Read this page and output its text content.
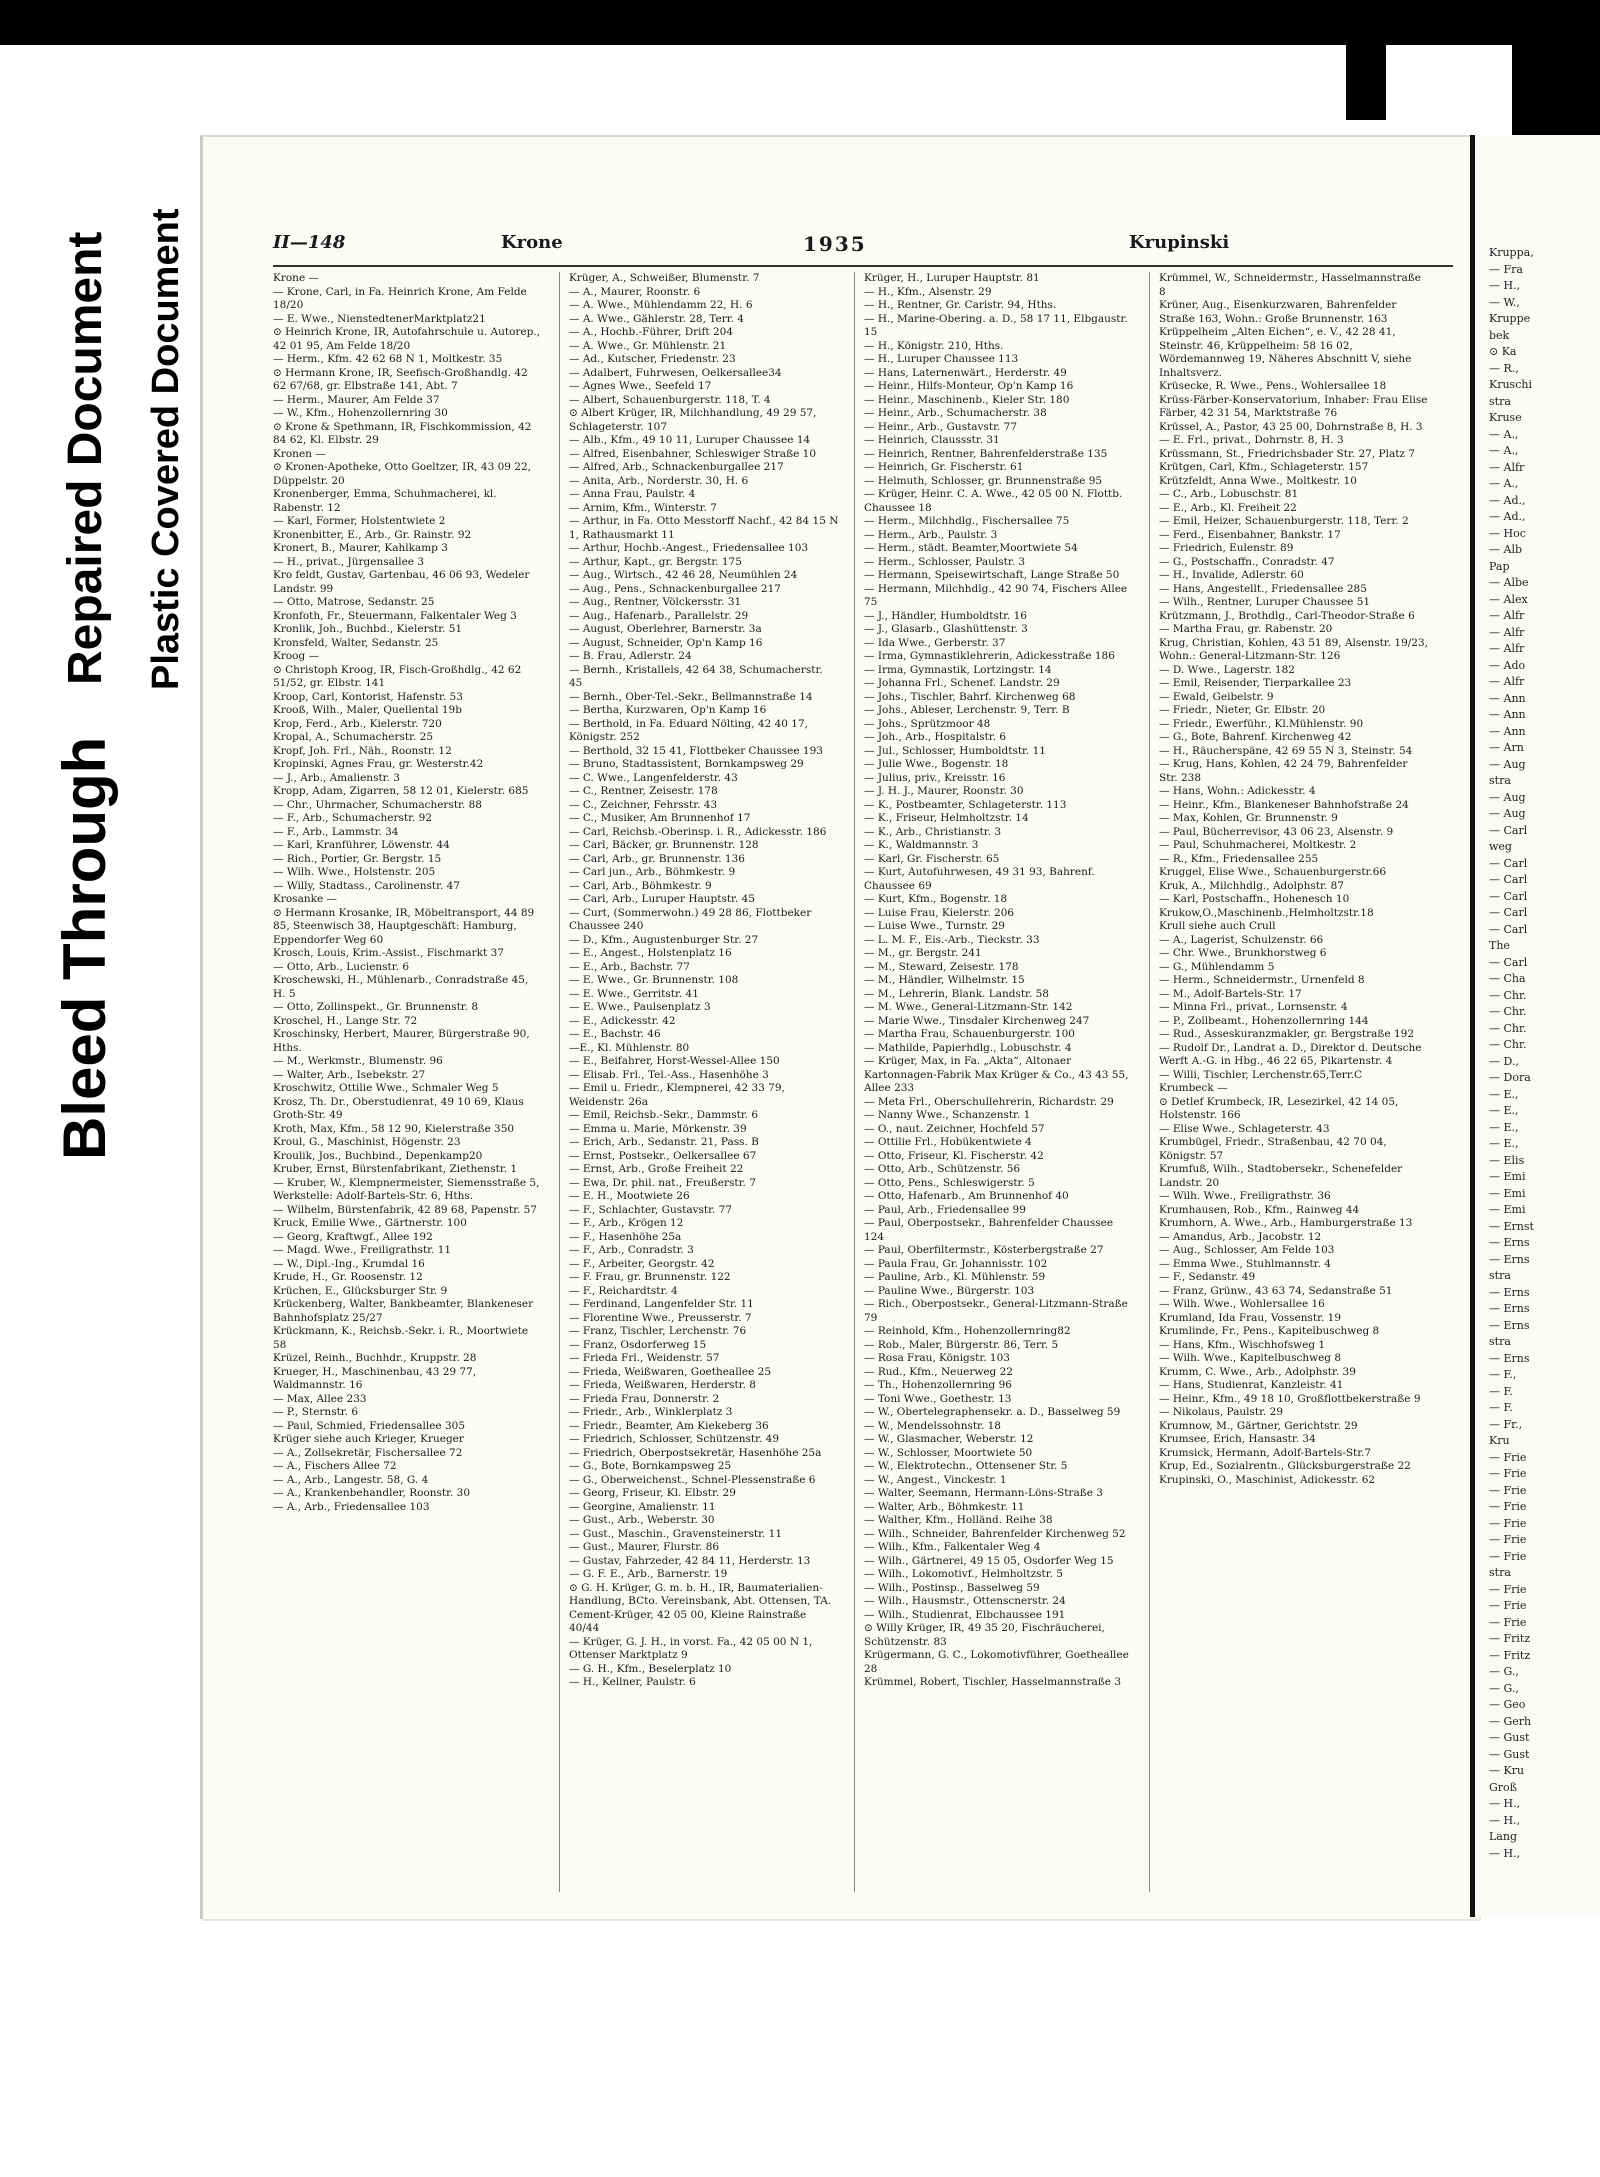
Bleed Through
Repaired Document Plastic Covered Document	II—148	Krone	1935	Krupinski

Krone —

— Krone, Carl, in Fa. Heinrich Krone, Am Felde 18/20

— E. Wwe., NienstedtenerMarktplatz21

⊙ Heinrich Krone, IR, Autofahrschule u. Autorep., 42 01 95, Am Felde 18/20

— Herm., Kfm. 42 62 68 N 1, Moltkestr. 35

⊙ Hermann Krone, IR, Seefisch-Großhandlg. 42 62 67/68, gr. Elbstraße 141, Abt. 7

— Herm., Maurer, Am Felde 37

— W., Kfm., Hohenzollernring 30

⊙ Krone & Spethmann, IR, Fischkommission, 42 84 62, Kl. Elbstr. 29

Kronen —

⊙ Kronen-Apotheke, Otto Goeltzer, IR, 43 09 22, Düppelstr. 20

Kronenberger, Emma, Schuhmacherei, kl. Rabenstr. 12

— Karl, Former, Holstentwiete 2

Kronenbitter, E., Arb., Gr. Rainstr. 92

Kronert, B., Maurer, Kahlkamp 3

— H., privat., Jürgensallee 3

Kro feldt, Gustav, Gartenbau, 46 06 93, Wedeler Landstr. 99

— Otto, Matrose, Sedanstr. 25

Kronfoth, Fr., Steuermann, Falkentaler Weg 3

Kronlik, Joh., Buchbd., Kielerstr. 51

Kronsfeld, Walter, Sedanstr. 25

Kroog —

⊙ Christoph Kroog, IR, Fisch-Großhdlg., 42 62 51/52, gr. Elbstr. 141

Kroop, Carl, Kontorist, Hafenstr. 53

Krooß, Wilh., Maler, Quellental 19b

Krop, Ferd., Arb., Kielerstr. 720

Kropal, A., Schumacherstr. 25

Kropf, Joh. Frl., Näh., Roonstr. 12

Kropinski, Agnes Frau, gr. Westerstr.42

— J., Arb., Amalienstr. 3

Kropp, Adam, Zigarren, 58 12 01, Kielerstr. 685

— Chr., Uhrmacher, Schumacherstr. 88

— F., Arb., Schumacherstr. 92

— F., Arb., Lammstr. 34

— Karl, Kranführer, Löwenstr. 44

— Rich., Portier, Gr. Bergstr. 15

— Wilh. Wwe., Holstenstr. 205

— Willy, Stadtass., Carolinenstr. 47

Krosanke —

⊙ Hermann Krosanke, IR, Möbeltransport, 44 89 85, Steenwisch 38, Hauptgeschäft: Hamburg, Eppendorfer Weg 60

Krosch, Louis, Krim.-Assist., Fischmarkt 37

— Otto, Arb., Lucienstr. 6

Kroschewski, H., Mühlenarb., Conradstraße 45, H. 5

— Otto, Zollinspekt., Gr. Brunnenstr. 8

Kroschel, H., Lange Str. 72

Kroschinsky, Herbert, Maurer, Bürgerstraße 90, Hths.

— M., Werkmstr., Blumenstr. 96

— Walter, Arb., Isebekstr. 27

Kroschwitz, Ottilie Wwe., Schmaler Weg 5

Krosz, Th. Dr., Oberstudienrat, 49 10 69, Klaus Groth-Str. 49

Kroth, Max, Kfm., 58 12 90, Kielerstraße 350

Kroul, G., Maschinist, Högenstr. 23

Kroulik, Jos., Buchbind., Depenkamp20

Kruber, Ernst, Bürstenfabrikant, Ziethenstr. 1

— Kruber, W., Klempnermeister, Siemensstraße 5, Werkstelle: Adolf-Bartels-Str. 6, Hths.

— Wilhelm, Bürstenfabrik, 42 89 68, Papenstr. 57

Kruck, Emilie Wwe., Gärtnerstr. 100

— Georg, Kraftwgf., Allee 192

— Magd. Wwe., Freiligrathstr. 11

— W., Dipl.-Ing., Krumdal 16

Krude, H., Gr. Roosenstr. 12

Krüchen, E., Glücksburger Str. 9

Krückenberg, Walter, Bankbeamter, Blankeneser Bahnhofsplatz 25/27

Krückmann, K., Reichsb.-Sekr. i. R., Moortwiete 58

Krüzel, Reinh., Buchhdr., Kruppstr. 28

Krueger, H., Maschinenbau, 43 29 77, Waldmannstr. 16

— Max, Allee 233

— P., Sternstr. 6

— Paul, Schmied, Friedensallee 305

Krüger siehe auch Krieger, Krueger

— A., Zollsekretär, Fischersallee 72

— A., Fischers Allee 72

— A., Arb., Langestr. 58, G. 4

— A., Krankenbehandler, Roonstr. 30

— A., Arb., Friedensallee 103

Krüger, A., Schweißer, Blumenstr. 7

— A., Maurer, Roonstr. 6

— A. Wwe., Mühlendamm 22, H. 6

— A. Wwe., Gählerstr. 28, Terr. 4

— A., Hochb.-Führer, Drift 204

— A. Wwe., Gr. Mühlenstr. 21

— Ad., Kutscher, Friedenstr. 23

— Adalbert, Fuhrwesen, Oelkersallee34

— Agnes Wwe., Seefeld 17

— Albert, Schauenburgerstr. 118, T. 4

⊙ Albert Krüger, IR, Milchhandlung, 49 29 57, Schlageterstr. 107

— Alb., Kfm., 49 10 11, Luruper Chaussee 14

— Alfred, Eisenbahner, Schleswiger Straße 10

— Alfred, Arb., Schnackenburgallee 217

— Anita, Arb., Norderstr. 30, H. 6

— Anna Frau, Paulstr. 4

— Arnim, Kfm., Winterstr. 7

— Arthur, in Fa. Otto Messtorff Nachf., 42 84 15 N 1, Rathausmarkt 11

— Arthur, Hochb.-Angest., Friedensallee 103

— Arthur, Kapt., gr. Bergstr. 175

— Aug., Wirtsch., 42 46 28, Neumühlen 24

— Aug., Pens., Schnackenburgallee 217

— Aug., Rentner, Völckersstr. 31

— Aug., Hafenarb., Parallelstr. 29

— August, Oberlehrer, Barnerstr. 3a

— August, Schneider, Op'n Kamp 16

— B. Frau, Adlerstr. 24

— Bernh., Kristallels, 42 64 38, Schumacherstr. 45

— Bernh., Ober-Tel.-Sekr., Bellmannstraße 14

— Bertha, Kurzwaren, Op'n Kamp 16

— Berthold, in Fa. Eduard Nölting, 42 40 17, Königstr. 252

— Berthold, 32 15 41, Flottbeker Chaussee 193

— Bruno, Stadtassistent, Bornkampsweg 29

— C. Wwe., Langenfelderstr. 43

— C., Rentner, Zeisestr. 178

— C., Zeichner, Fehrsstr. 43

— C., Musiker, Am Brunnenhof 17

— Carl, Reichsb.-Oberinsp. i. R., Adickesstr. 186

— Carl, Bäcker, gr. Brunnenstr. 128

— Carl, Arb., gr. Brunnenstr. 136

— Carl jun., Arb., Böhmkestr. 9

— Carl, Arb., Böhmkestr. 9

— Carl, Arb., Luruper Hauptstr. 45

— Curt, (Sommerwohn.) 49 28 86, Flottbeker Chaussee 240

— D., Kfm., Augustenburger Str. 27

— E., Angest., Holstenplatz 16

— E., Arb., Bachstr. 77

— E. Wwe., Gr. Brunnenstr. 108

— E. Wwe., Gerritstr. 41

— E. Wwe., Paulsenplatz 3

— E., Adickesstr. 42

— E., Bachstr. 46

—E., Kl. Mühlenstr. 80

— E., Beifahrer, Horst-Wessel-Allee 150

— Elisab. Frl., Tel.-Ass., Hasenhöhe 3

— Emil u. Friedr., Klempnerei, 42 33 79, Weidenstr. 26a

— Emil, Reichsb.-Sekr., Dammstr. 6

— Emma u. Marie, Mörkenstr. 39

— Erich, Arb., Sedanstr. 21, Pass. B

— Ernst, Postsekr., Oelkersallee 67

— Ernst, Arb., Große Freiheit 22

— Ewa, Dr. phil. nat., Freußerstr. 7

— E. H., Mootwiete 26

— F., Schlachter, Gustavstr. 77

— F., Arb., Krögen 12

— F., Hasenhöhe 25a

— F., Arb., Conradstr. 3

— F., Arbeiter, Georgstr. 42

— F. Frau, gr. Brunnenstr. 122

— F., Reichardtstr. 4

— Ferdinand, Langenfelder Str. 11

— Florentine Wwe., Preusserstr. 7

— Franz, Tischler, Lerchenstr. 76

— Franz, Osdorferweg 15

— Frieda Frl., Weidenstr. 57

— Frieda, Weißwaren, Goetheallee 25

— Frieda, Weißwaren, Herderstr. 8

— Frieda Frau, Donnerstr. 2

— Friedr., Arb., Winklerplatz 3

— Friedr., Beamter, Am Kiekeberg 36

— Friedrich, Schlosser, Schützenstr. 49

— Friedrich, Oberpostsekretär, Hasenhöhe 25a

— G., Bote, Bornkampsweg 25

— G., Oberweichenst., Schnel-Plessenstraße 6

— Georg, Friseur, Kl. Elbstr. 29

— Georgine, Amalienstr. 11

— Gust., Arb., Weberstr. 30

— Gust., Maschin., Gravensteinerstr. 11

— Gust., Maurer, Flurstr. 86

— Gustav, Fahrzeder, 42 84 11, Herderstr. 13

— G. F. E., Arb., Barnerstr. 19

⊙ G. H. Krüger, G. m. b. H., IR, Baumaterialien-Handlung, BCto. Vereinsbank, Abt. Ottensen, TA. Cement-Krüger, 42 05 00, Kleine Rainstraße 40/44

— Krüger, G. J. H., in vorst. Fa., 42 05 00 N 1, Ottenser Marktplatz 9

— G. H., Kfm., Beselerplatz 10

— H., Kellner, Paulstr. 6

Krüger, H., Luruper Hauptstr. 81

— H., Kfm., Alsenstr. 29

— H., Rentner, Gr. Caristr. 94, Hths.

— H., Marine-Obering. a. D., 58 17 11, Elbgaustr. 15

— H., Königstr. 210, Hths.

— H., Luruper Chaussee 113

— Hans, Laternenwärt., Herderstr. 49

— Heinr., Hilfs-Monteur, Op'n Kamp 16

— Heinr., Maschinenb., Kieler Str. 180

— Heinr., Arb., Schumacherstr. 38

— Heinr., Arb., Gustavstr. 77

— Heinrich, Claussstr. 31

— Heinrich, Rentner, Bahrenfelderstraße 135

— Heinrich, Gr. Fischerstr. 61

— Helmuth, Schlosser, gr. Brunnenstraße 95

— Krüger, Heinr. C. A. Wwe., 42 05 00 N. Flottb. Chaussee 18

— Herm., Milchhdlg., Fischersallee 75

— Herm., Arb., Paulstr. 3

— Herm., städt. Beamter,Moortwiete 54

— Herm., Schlosser, Paulstr. 3

— Hermann, Speisewirtschaft, Lange Straße 50

— Hermann, Milchhdlg., 42 90 74, Fischers Allee 75

— J., Händler, Humboldtstr. 16

— J., Glasarb., Glashüttenstr. 3

— Ida Wwe., Gerberstr. 37

— Irma, Gymnastiklehrerin, Adickesstraße 186

— Irma, Gymnastik, Lortzingstr. 14

— Johanna Frl., Schenef. Landstr. 29

— Johs., Tischler, Bahrf. Kirchenweg 68

— Johs., Ableser, Lerchenstr. 9, Terr. B

— Johs., Sprützmoor 48

— Joh., Arb., Hospitalstr. 6

— Jul., Schlosser, Humboldtstr. 11

— Julie Wwe., Bogenstr. 18

— Julius, priv., Kreisstr. 16

— J. H. J., Maurer, Roonstr. 30

— K., Postbeamter, Schlageterstr. 113

— K., Friseur, Helmholtzstr. 14

— K., Arb., Christianstr. 3

— K., Waldmannstr. 3

— Karl, Gr. Fischerstr. 65

— Kurt, Autofuhrwesen, 49 31 93, Bahrenf. Chaussee 69

— Kurt, Kfm., Bogenstr. 18

— Luise Frau, Kielerstr. 206

— Luise Wwe., Turnstr. 29

— L. M. F., Eis.-Arb., Tieckstr. 33

— M., gr. Bergstr. 241

— M., Steward, Zeisestr. 178

— M., Händler, Wilhelmstr. 15

— M., Lehrerin, Blank. Landstr. 58

— M. Wwe., General-Litzmann-Str. 142

— Marie Wwe., Tinsdaler Kirchenweg 247

— Martha Frau, Schauenburgerstr. 100

— Mathilde, Papierhdlg., Lobuschstr. 4

— Krüger, Max, in Fa. „Akta“, Altonaer Kartonnagen-Fabrik Max Krüger & Co., 43 43 55, Allee 233

— Meta Frl., Oberschullehrerin, Richardstr. 29

— Nanny Wwe., Schanzenstr. 1

— O., naut. Zeichner, Hochfeld 57

— Ottilie Frl., Hobükentwiete 4

— Otto, Friseur, Kl. Fischerstr. 42

— Otto, Arb., Schützenstr. 56

— Otto, Pens., Schleswigerstr. 5

— Otto, Hafenarb., Am Brunnenhof 40

— Paul, Arb., Friedensallee 99

— Paul, Oberpostsekr., Bahrenfelder Chaussee 124

— Paul, Oberfiltermstr., Kösterbergstraße 27

— Paula Frau, Gr. Johannisstr. 102

— Pauline, Arb., Kl. Mühlenstr. 59

— Pauline Wwe., Bürgerstr. 103

— Rich., Oberpostsekr., General-Litzmann-Straße 79

— Reinhold, Kfm., Hohenzollernring82

— Rob., Maler, Bürgerstr. 86, Terr. 5

— Rosa Frau, Königstr. 103

— Rud., Kfm., Neuerweg 22

— Th., Hohenzollernring 96

— Toni Wwe., Goethestr. 13

— W., Obertelegraphensekr. a. D., Basselweg 59

— W., Mendelssohnstr. 18

— W., Glasmacher, Weberstr. 12

— W., Schlosser, Moortwiete 50

— W., Elektrotechn., Ottensener Str. 5

— W., Angest., Vinckestr. 1

— Walter, Seemann, Hermann-Löns-Straße 3

— Walter, Arb., Böhmkestr. 11

— Walther, Kfm., Holländ. Reihe 38

— Wilh., Schneider, Bahrenfelder Kirchenweg 52

— Wilh., Kfm., Falkentaler Weg 4

— Wilh., Gärtnerei, 49 15 05, Osdorfer Weg 15

— Wilh., Lokomotivf., Helmholtzstr. 5

— Wilh., Postinsp., Basselweg 59

— Wilh., Hausmstr., Ottenscnerstr. 24

— Wilh., Studienrat, Elbchaussee 191

⊙ Willy Krüger, IR, 49 35 20, Fischräucherei, Schützenstr. 83

Krügermann, G. C., Lokomotivführer, Goetheallee 28

Krümmel, Robert, Tischler, Hasselmannstraße 3

Krümmel, W., Schneidermstr., Hasselmannstraße 8

Krüner, Aug., Eisenkurzwaren, Bahrenfelder Straße 163, Wohn.: Große Brunnenstr. 163

Krüppelheim „Alten Eichen“, e. V., 42 28 41, Steinstr. 46, Krüppelheim: 58 16 02, Wördemannweg 19, Näheres Abschnitt V, siehe Inhaltsverz.

Krüsecke, R. Wwe., Pens., Wohlersallee 18

Krüss-Färber-Konservatorium, Inhaber: Frau Elise Färber, 42 31 54, Marktstraße 76

Krüssel, A., Pastor, 43 25 00, Dohrnstraße 8, H. 3

— E. Frl., privat., Dohrnstr. 8, H. 3

Krüssmann, St., Friedrichsbader Str. 27, Platz 7

Krütgen, Carl, Kfm., Schlageterstr. 157

Krützfeldt, Anna Wwe., Moltkestr. 10

— C., Arb., Lobuschstr. 81

— E., Arb., Kl. Freiheit 22

— Emil, Heizer, Schauenburgerstr. 118, Terr. 2

— Ferd., Eisenbahner, Bankstr. 17

— Friedrich, Eulenstr. 89

— G., Postschaffn., Conradstr. 47

— H., Invalide, Adlerstr. 60

— Hans, Angestellt., Friedensallee 285

— Wilh., Rentner, Luruper Chaussee 51

Krützmann, J., Brothdlg., Carl-Theodor-Straße 6

— Martha Frau, gr. Rabenstr. 20

Krug, Christian, Kohlen, 43 51 89, Alsenstr. 19/23, Wohn.: General-Litzmann-Str. 126

— D. Wwe., Lagerstr. 182

— Emil, Reisender, Tierparkallee 23

— Ewald, Geibelstr. 9

— Friedr., Nieter, Gr. Elbstr. 20

— Friedr., Ewerführ., Kl.Mühlenstr. 90

— G., Bote, Bahrenf. Kirchenweg 42

— H., Räucherspäne, 42 69 55 N 3, Steinstr. 54

— Krug, Hans, Kohlen, 42 24 79, Bahrenfelder Str. 238

— Hans, Wohn.: Adickesstr. 4

— Heinr., Kfm., Blankeneser Bahnhofstraße 24

— Max, Kohlen, Gr. Brunnenstr. 9

— Paul, Bücherrevisor, 43 06 23, Alsenstr. 9

— Paul, Schuhmacherei, Moltkestr. 2

— R., Kfm., Friedensallee 255

Kruggel, Elise Wwe., Schauenburgerstr.66

Kruk, A., Milchhdlg., Adolphstr. 87

— Karl, Postschaffn., Hohenesch 10

Krukow,O.,Maschinenb.,Helmholtzstr.18

Krull siehe auch Crull

— A., Lagerist, Schulzenstr. 66

— Chr. Wwe., Brunkhorstweg 6

— G., Mühlendamm 5

— Herm., Schneidermstr., Urnenfeld 8

— M., Adolf-Bartels-Str. 17

— Minna Frl., privat., Lornsenstr. 4

— P., Zollbeamt., Hohenzollernring 144

— Rud., Asseskuranzmakler, gr. Bergstraße 192

— Rudolf Dr., Landrat a. D., Direktor d. Deutsche Werft A.-G. in Hbg., 46 22 65, Pikartenstr. 4

— Willi, Tischler, Lerchenstr.65,Terr.C

Krumbeck —

⊙ Detlef Krumbeck, IR, Lesezirkel, 42 14 05, Holstenstr. 166

— Elise Wwe., Schlageterstr. 43

Krumbügel, Friedr., Straßenbau, 42 70 04, Königstr. 57

Krumfuß, Wilh., Stadtobersekr., Schenefelder Landstr. 20

— Wilh. Wwe., Freiligrathstr. 36

Krumhausen, Rob., Kfm., Rainweg 44

Krumhorn, A. Wwe., Arb., Hamburgerstraße 13

— Amandus, Arb., Jacobstr. 12

— Aug., Schlosser, Am Felde 103

— Emma Wwe., Stuhlmannstr. 4

— F., Sedanstr. 49

— Franz, Grünw., 43 63 74, Sedanstraße 51

— Wilh. Wwe., Wohlersallee 16

Krumland, Ida Frau, Vossenstr. 19

Krumlinde, Fr., Pens., Kapitelbuschweg 8

— Hans, Kfm., Wischhofsweg 1

— Wilh. Wwe., Kapitelbuschweg 8

Krumm, C. Wwe., Arb., Adolphstr. 39

— Hans, Studienrat, Kanzleistr. 41

— Heinr., Kfm., 49 18 10, Großflottbekerstraße 9

— Nikolaus, Paulstr. 29

Krumnow, M., Gärtner, Gerichtstr. 29

Krumsee, Erich, Hansastr. 34

Krumsick, Hermann, Adolf-Bartels-Str.7

Krup, Ed., Sozialrentn., Glücksburgerstraße 22

Krupinski, O., Maschinist, Adickesstr. 62

Kruppa,
— Fra
— H.,
— W.,
Kruppe
bek
⊙ Ka
— R.,
Kruschi
stra
Kruse
— A.,
— A.,
— Alfr
— A.,
— Ad.,
— Ad.,
— Hoc
— Alb
Pap
— Albe
— Alex
— Alfr
— Alfr
— Alfr
— Ado
— Alfr
— Ann
— Ann
— Ann
— Arn
— Aug
stra
— Aug
— Aug
— Carl
weg
— Carl
— Carl
— Carl
— Carl
— Carl
The
— Carl
— Cha
— Chr.
— Chr.
— Chr.
— Chr.
— D.,
— Dora
— E.,
— E.,
— E.,
— E.,
— Elis
— Emi
— Emi
— Emi
— Ernst
— Erns
— Erns
stra
— Erns
— Erns
— Erns
stra
— Erns
— F.,
— F.
— F.
— Fr.,
Kru
— Frie
— Frie
— Frie
— Frie
— Frie
— Frie
— Frie
stra
— Frie
— Frie
— Frie
— Fritz
— Fritz
— G.,
— G.,
— Geo
— Gerh
— Gust
— Gust
— Kru
Groß
— H.,
— H.,
Lang
— H.,
